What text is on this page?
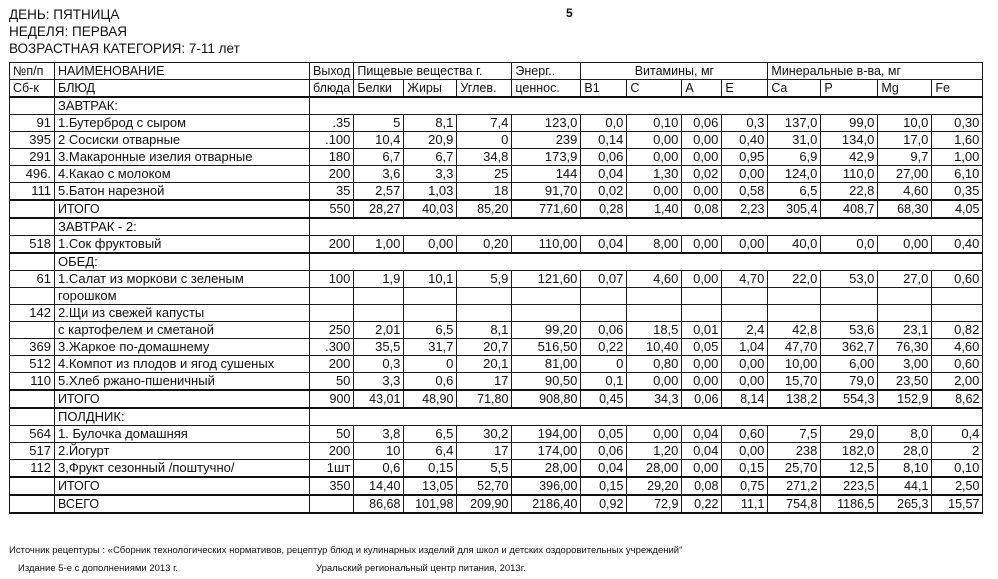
ДЕНЬ: ПЯТНИЦА
НЕДЕЛЯ: ПЕРВАЯ
ВОЗРАСТНАЯ КАТЕГОРИЯ: 7-11 лет
5
№п/п	НАИМЕНОВАНИЕ	Выход	Пищевые вещества г.			Энерг..	Витамины, мг				Минеральные в-ва, мг			
Сб-к	БЛЮД	блюда	Белки	Жиры	Углев.	ценнос.	B1	C	A	E	Ca	P	Mg	Fe
	ЗАВТРАК:													
91	1.Бутерброд с сыром	.35	5	8,1	7,4	123,0	0,0	0,10	0,06	0,3	137,0	99,0	10,0	0,30
395	2 Сосиски отварные	.100	10,4	20,9	0	239	0,14	0,00	0,00	0,40	31,0	134,0	17,0	1,60
291	3.Макаронные изелия отварные	180	6,7	6,7	34,8	173,9	0,06	0,00	0,00	0,95	6,9	42,9	9,7	1,00
496.	4.Какао с молоком	200	3,6	3,3	25	144	0,04	1,30	0,02	0,00	124,0	110,0	27,00	6,10
111	5.Батон нарезной	35	2,57	1,03	18	91,70	0,02	0,00	0,00	0,58	6,5	22,8	4,60	0,35
	ИТОГО	550	28,27	40,03	85,20	771,60	0,28	1,40	0,08	2,23	305,4	408,7	68,30	4,05
	ЗАВТРАК - 2:													
518	1.Сок фруктовый	200	1,00	0,00	0,20	110,00	0,04	8,00	0,00	0,00	40,0	0,0	0,00	0,40
	ОБЕД:													
61	1.Салат из моркови с зеленым	100	1,9	10,1	5,9	121,60	0,07	4,60	0,00	4,70	22,0	53,0	27,0	0,60
	горошком													
142	2.Щи из свежей капусты													
	с картофелем и сметаной	250	2,01	6,5	8,1	99,20	0,06	18,5	0,01	2,4	42,8	53,6	23,1	0,82
369	3.Жаркое по-домашнему	.300	35,5	31,7	20,7	516,50	0,22	10,40	0,05	1,04	47,70	362,7	76,30	4,60
512	4.Компот из плодов и ягод сушеных	200	0,3	0	20,1	81,00	0	0,80	0,00	0,00	10,00	6,00	3,00	0,60
110	5.Хлеб ржано-пшеничный	50	3,3	0,6	17	90,50	0,1	0,00	0,00	0,00	15,70	79,0	23,50	2,00
	ИТОГО	900	43,01	48,90	71,80	908,80	0,45	34,3	0,06	8,14	138,2	554,3	152,9	8,62
	ПОЛДНИК:													
564	1. Булочка домашняя	50	3,8	6,5	30,2	194,00	0,05	0,00	0,04	0,60	7,5	29,0	8,0	0,4
517	2.Йогурт	200	10	6,4	17	174,00	0,06	1,20	0,04	0,00	238	182,0	28,0	2
112	3,Фрукт сезонный /поштучно/	1шт	0,6	0,15	5,5	28,00	0,04	28,00	0,00	0,15	25,70	12,5	8,10	0,10
	ИТОГО	350	14,40	13,05	52,70	396,00	0,15	29,20	0,08	0,75	271,2	223,5	44,1	2,50
	ВСЕГО		86,68	101,98	209,90	2186,40	0,92	72,9	0,22	11,1	754,8	1186,5	265,3	15,57
Источник рецептуры : «Сборник технологических нормативов, рецептур блюд и кулинарных изделий для школ и детских оздоровительных учреждений"
Издание 5-е с дополнениями 2013 г.	Уральский региональный центр питания, 2013г.
